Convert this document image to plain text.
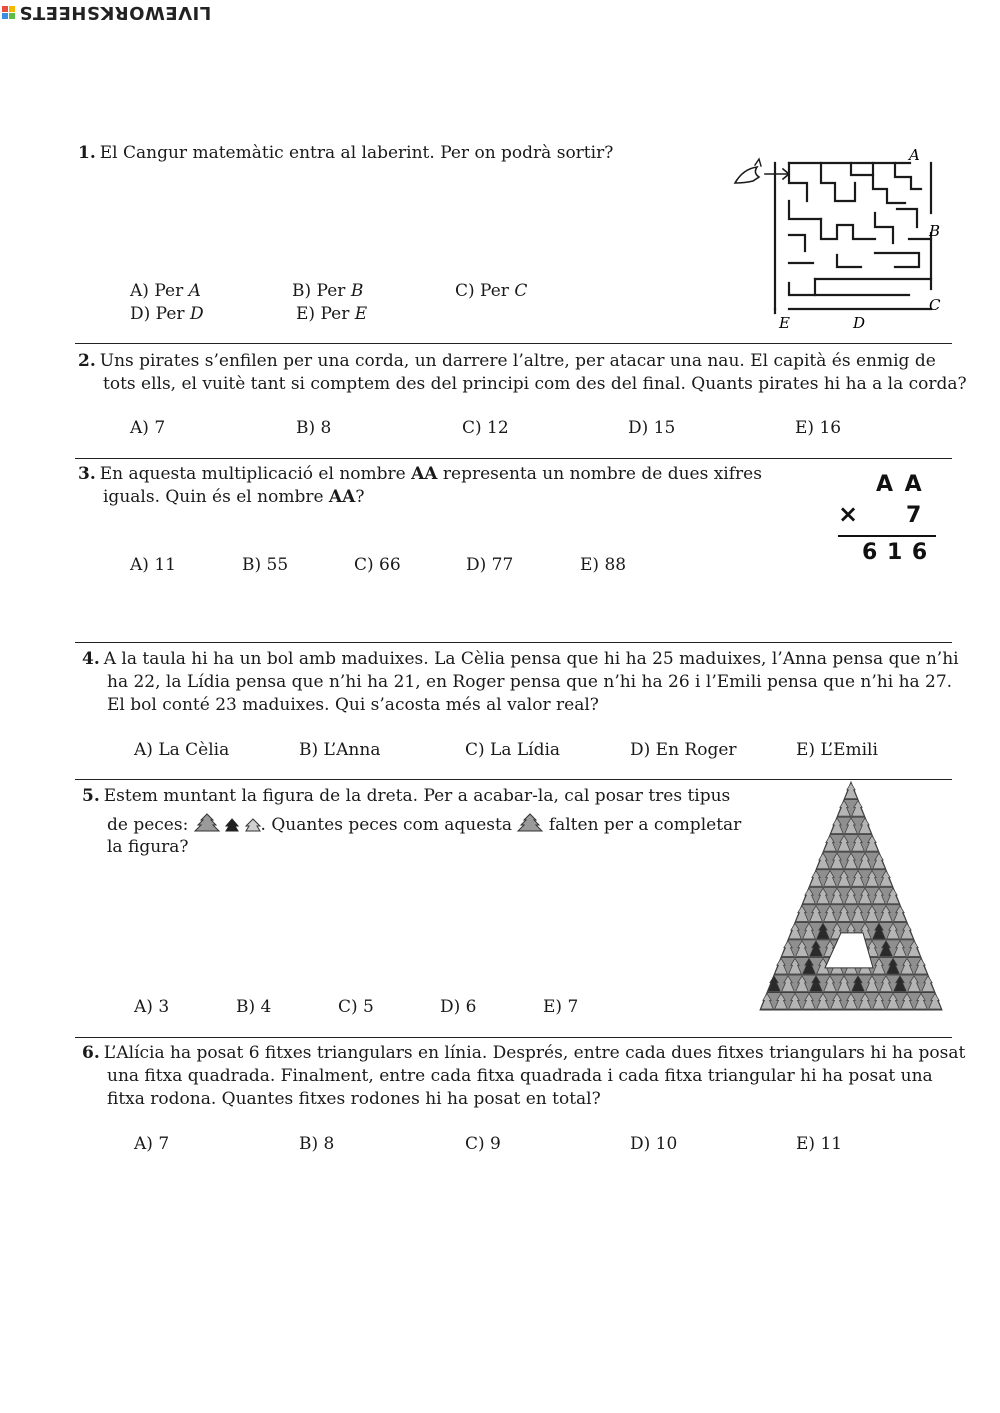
LIVEWORKSHEETS
1. El Cangur matemàtic entra al laberint. Per on podrà sortir?
A) Per A	B) Per B	C) Per C
D) Per D	E) Per E
A
B
C
D
E
2. Uns pirates s’enfilen per una corda, un darrere l’altre, per atacar una nau. El capità és enmig de
tots ells, el vuitè tant si comptem des del principi com des del final. Quants pirates hi ha a la corda?
A) 7	B) 8	C) 12	D) 15	E) 16
3. En aquesta multiplicació el nombre AA representa un nombre de dues xifres
iguals. Quin és el nombre AA?
A) 11	B) 55	C) 66	D) 77	E) 88
A A
× 7
6 1 6
4. A la taula hi ha un bol amb maduixes. La Cèlia pensa que hi ha 25 maduixes, l’Anna pensa que n’hi
ha 22, la Lídia pensa que n’hi ha 21, en Roger pensa que n’hi ha 26 i l’Emili pensa que n’hi ha 27.
El bol conté 23 maduixes. Qui s’acosta més al valor real?
A) La Cèlia	B) L’Anna	C) La Lídia	D) En Roger	E) L’Emili
5. Estem muntant la figura de la dreta. Per a acabar-la, cal posar tres tipus
de peces:	. Quantes peces com aquesta falten per a completar
la figura?
A) 3	B) 4	C) 5	D) 6	E) 7
6. L’Alícia ha posat 6 fitxes triangulars en línia. Després, entre cada dues fitxes triangulars hi ha posat
una fitxa quadrada. Finalment, entre cada fitxa quadrada i cada fitxa triangular hi ha posat una
fitxa rodona. Quantes fitxes rodones hi ha posat en total?
A) 7	B) 8	C) 9	D) 10	E) 11
